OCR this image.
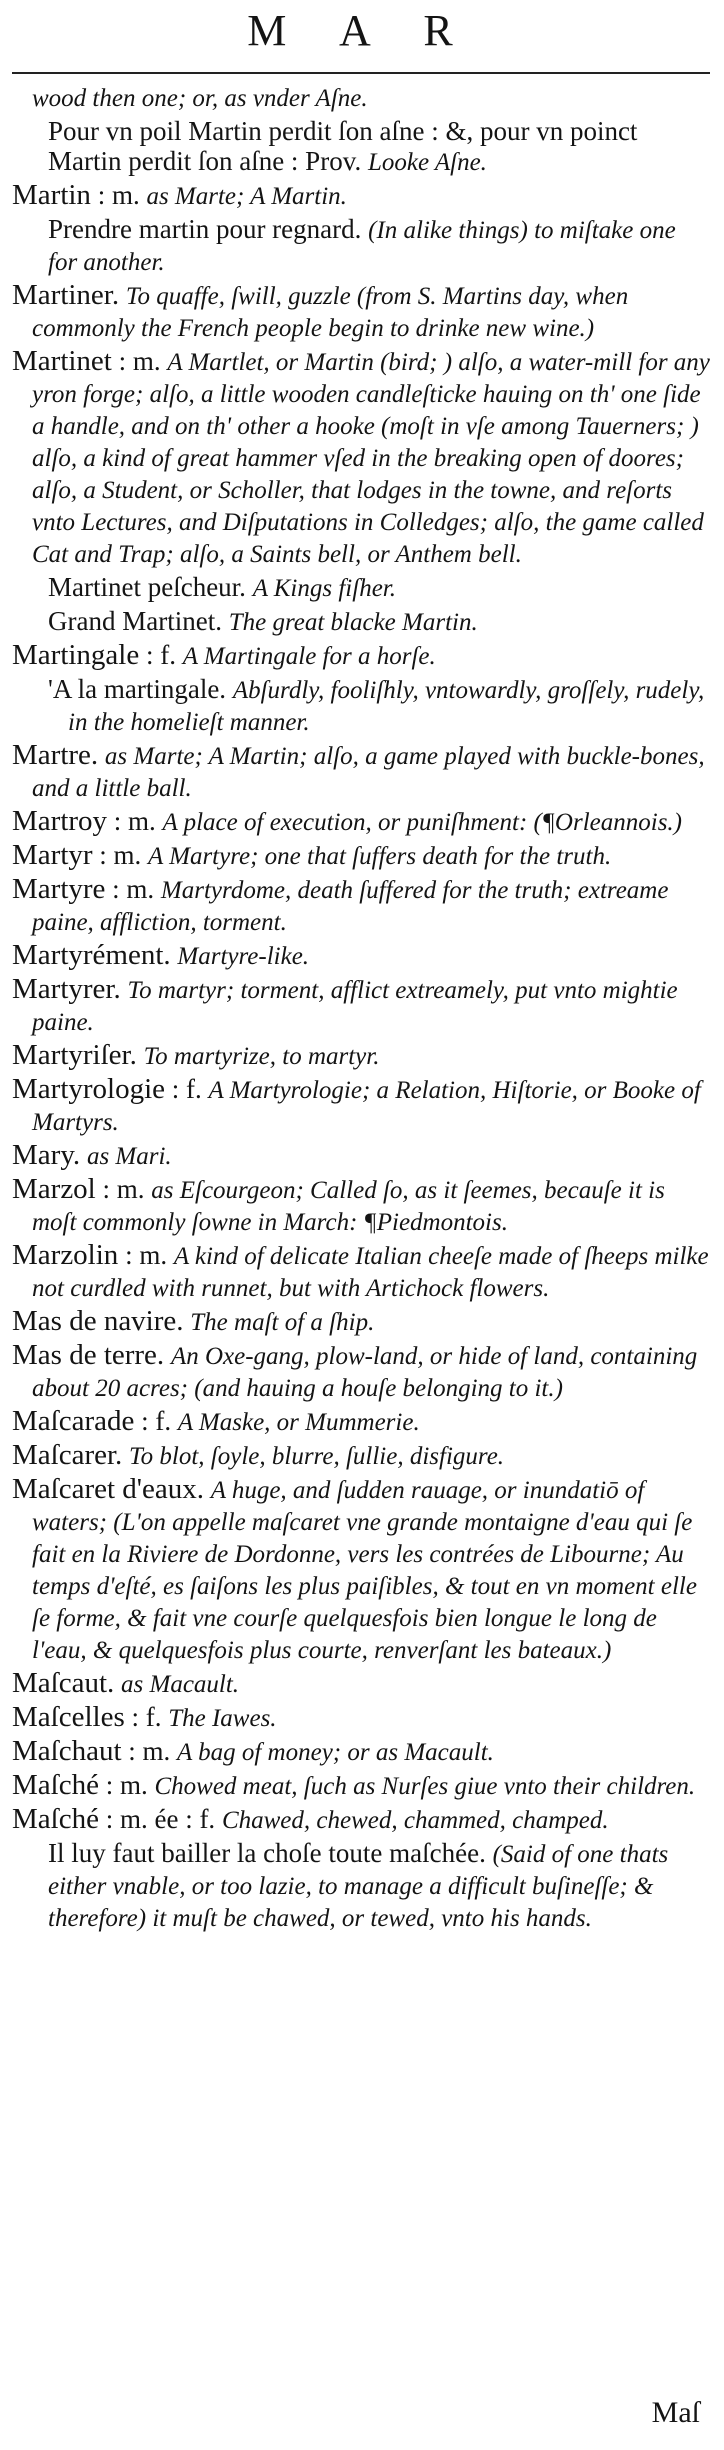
M A R

wood then one; or, as vnder Aſne.

Pour vn poil Martin perdit ſon aſne : &, pour vn poinct Martin perdit ſon aſne : Prov. Looke Aſne.

Martin : m. as Marte; A Martin.

Prendre martin pour regnard. (In alike things) to miſtake one for another.

Martiner. To quaffe, ſwill, guzzle (from S. Martins day, when commonly the French people begin to drinke new wine.)

Martinet : m. A Martlet, or Martin (bird; ) alſo, a water-mill for any yron forge; alſo, a little wooden candleſticke hauing on th' one ſide a handle, and on th' other a hooke (moſt in vſe among Tauerners; ) alſo, a kind of great hammer vſed in the breaking open of doores; alſo, a Student, or Scholler, that lodges in the towne, and reſorts vnto Lectures, and Diſputations in Colledges; alſo, the game called Cat and Trap; alſo, a Saints bell, or Anthem bell.

Martinet peſcheur. A Kings fiſher.

Grand Martinet. The great blacke Martin.

Martingale : f. A Martingale for a horſe.

'A la martingale. Abſurdly, fooliſhly, vntowardly, groſſely, rudely, in the homelieſt manner.

Martre. as Marte; A Martin; alſo, a game played with buckle-bones, and a little ball.

Martroy : m. A place of execution, or puniſhment: (¶Orleannois.)

Martyr : m. A Martyre; one that ſuffers death for the truth.

Martyre : m. Martyrdome, death ſuffered for the truth; extreame paine, affliction, torment.

Martyrément. Martyre-like.

Martyrer. To martyr; torment, afflict extreamely, put vnto mightie paine.

Martyriſer. To martyrize, to martyr.

Martyrologie : f. A Martyrologie; a Relation, Hiſtorie, or Booke of Martyrs.

Mary. as Mari.

Marzol : m. as Eſcourgeon; Called ſo, as it ſeemes, becauſe it is moſt commonly ſowne in March: ¶Piedmontois.

Marzolin : m. A kind of delicate Italian cheeſe made of ſheeps milke not curdled with runnet, but with Artichock flowers.

Mas de navire. The maſt of a ſhip.

Mas de terre. An Oxe-gang, plow-land, or hide of land, containing about 20 acres; (and hauing a houſe belonging to it.)

Maſcarade : f. A Maske, or Mummerie.

Maſcarer. To blot, ſoyle, blurre, ſullie, disfigure.

Maſcaret d'eaux. A huge, and ſudden rauage, or inundatiō of waters; (L'on appelle maſcaret vne grande montaigne d'eau qui ſe fait en la Riviere de Dordonne, vers les contrées de Libourne; Au temps d'eſté, es ſaiſons les plus paiſibles, & tout en vn moment elle ſe forme, & fait vne courſe quelquesfois bien longue le long de l'eau, & quelquesfois plus courte, renverſant les bateaux.)

Maſcaut. as Macault.

Maſcelles : f. The Iawes.

Maſchaut : m. A bag of money; or as Macault.

Maſché : m. Chowed meat, ſuch as Nurſes giue vnto their children.

Maſché : m. ée : f. Chawed, chewed, chammed, champed.

Il luy faut bailler la choſe toute maſchée. (Said of one thats either vnable, or too lazie, to manage a difficult buſineſſe; & therefore) it muſt be chawed, or tewed, vnto his hands.

Maſ
